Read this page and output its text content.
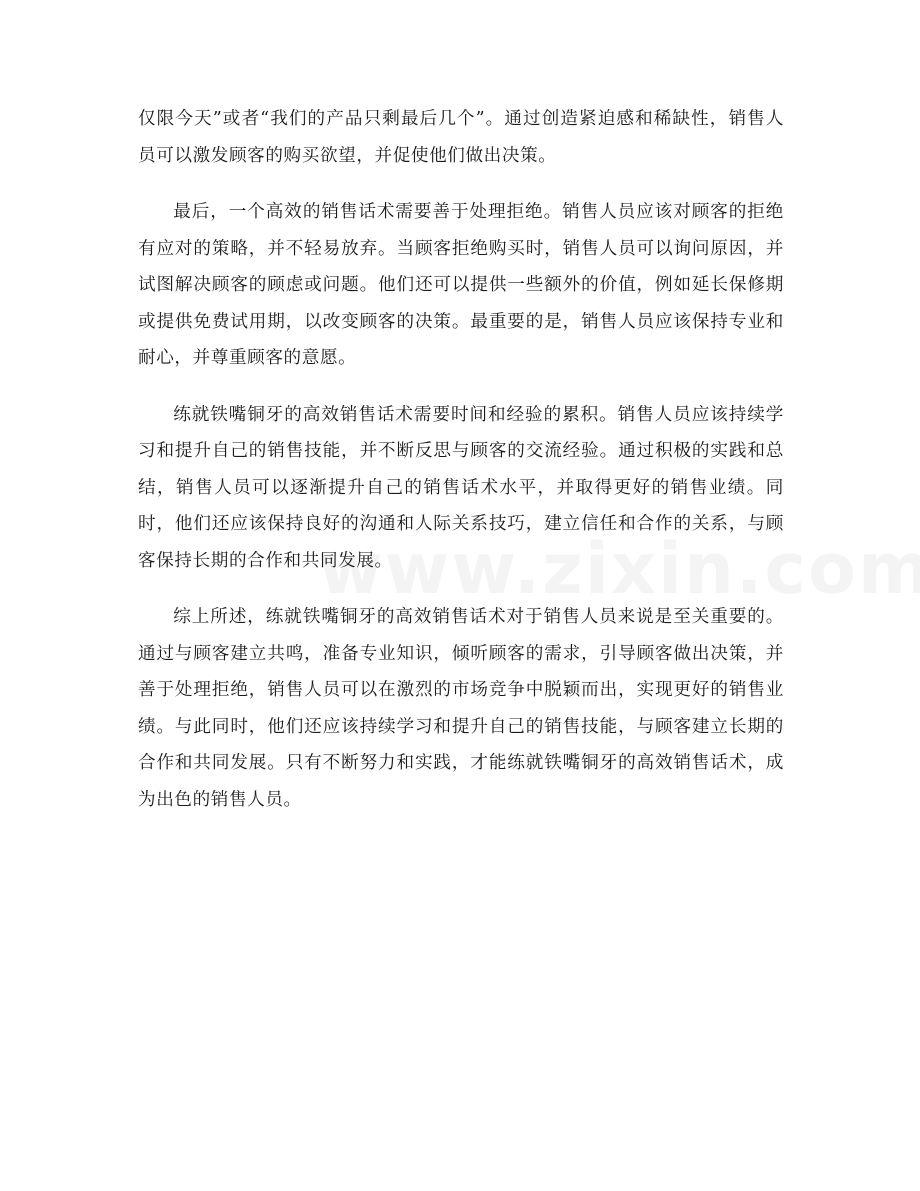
仅限今天”或者“我们的产品只剩最后几个”。通过创造紧迫感和稀缺性，销售人员可以激发顾客的购买欲望，并促使他们做出决策。

最后，一个高效的销售话术需要善于处理拒绝。销售人员应该对顾客的拒绝有应对的策略，并不轻易放弃。当顾客拒绝购买时，销售人员可以询问原因，并试图解决顾客的顾虑或问题。他们还可以提供一些额外的价值，例如延长保修期或提供免费试用期，以改变顾客的决策。最重要的是，销售人员应该保持专业和耐心，并尊重顾客的意愿。

练就铁嘴铜牙的高效销售话术需要时间和经验的累积。销售人员应该持续学习和提升自己的销售技能，并不断反思与顾客的交流经验。通过积极的实践和总结，销售人员可以逐渐提升自己的销售话术水平，并取得更好的销售业绩。同时，他们还应该保持良好的沟通和人际关系技巧，建立信任和合作的关系，与顾客保持长期的合作和共同发展。

综上所述，练就铁嘴铜牙的高效销售话术对于销售人员来说是至关重要的。通过与顾客建立共鸣，准备专业知识，倾听顾客的需求，引导顾客做出决策，并善于处理拒绝，销售人员可以在激烈的市场竞争中脱颖而出，实现更好的销售业绩。与此同时，他们还应该持续学习和提升自己的销售技能，与顾客建立长期的合作和共同发展。只有不断努力和实践，才能练就铁嘴铜牙的高效销售话术，成为出色的销售人员。
